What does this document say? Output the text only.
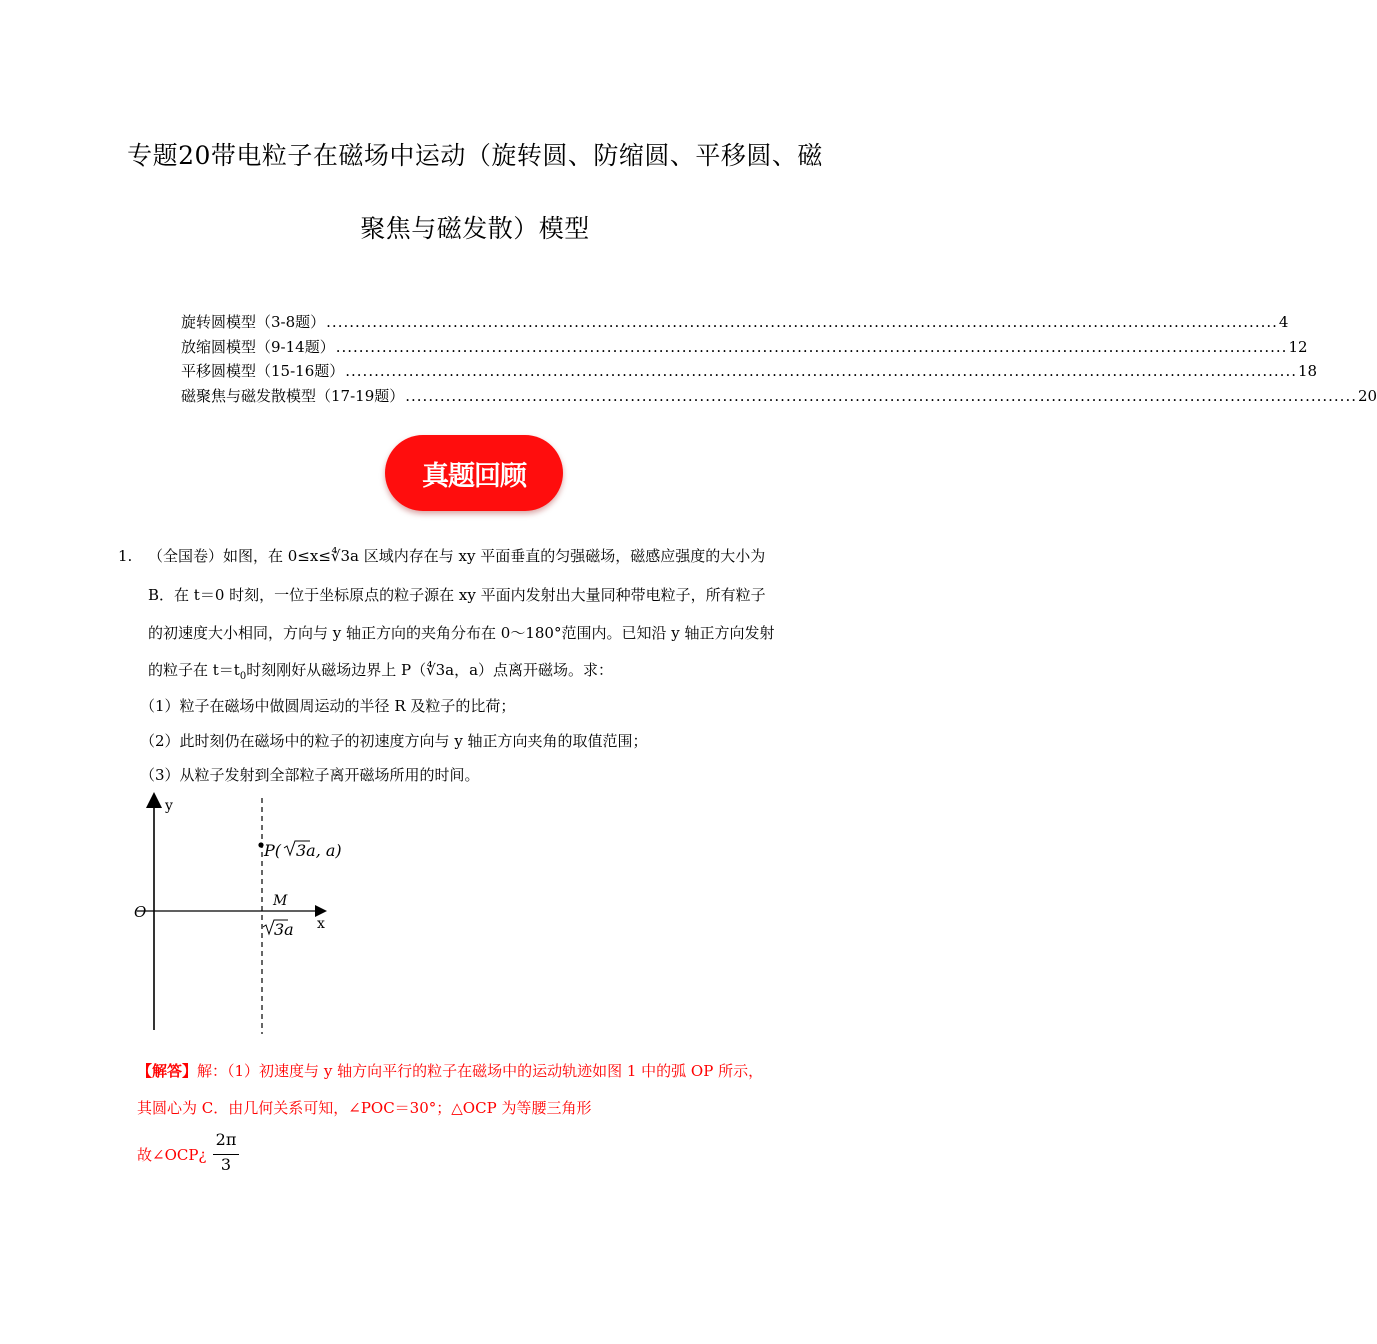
专题20带电粒子在磁场中运动（旋转圆、防缩圆、平移圆、磁
聚焦与磁发散）模型
旋转圆模型（3-8题） ..................................................................................................................................................................... 4
放缩圆模型（9-14题） ..................................................................................................................................................................... 12
平移圆模型（15-16题） ..................................................................................................................................................................... 18
磁聚焦与磁发散模型（17-19题） ..................................................................................................................................................................... 20
真题回顾
1. （全国卷）如图，在 0≤x≤∜3a 区域内存在与 xy 平面垂直的匀强磁场，磁感应强度的大小为
B．在 t＝0 时刻，一位于坐标原点的粒子源在 xy 平面内发射出大量同种带电粒子，所有粒子
的初速度大小相同，方向与 y 轴正方向的夹角分布在 0～180°范围内。已知沿 y 轴正方向发射
的粒子在 $t=t_0$时刻刚好从磁场边界上 P（∜3a，a）点离开磁场。求：
（1）粒子在磁场中做圆周运动的半径 R 及粒子的比荷；
（2）此时刻仍在磁场中的粒子的初速度方向与 y 轴正方向夹角的取值范围；
（3）从粒子发射到全部粒子离开磁场所用的时间。
y
x
O
P( 3a, a)
M
3a
【解答】解：（1）初速度与 y 轴方向平行的粒子在磁场中的运动轨迹如图 1 中的弧 OP 所示，
其圆心为 C．由几何关系可知，∠POC＝30°；△OCP 为等腰三角形
故∠OCP¿
2π
3
